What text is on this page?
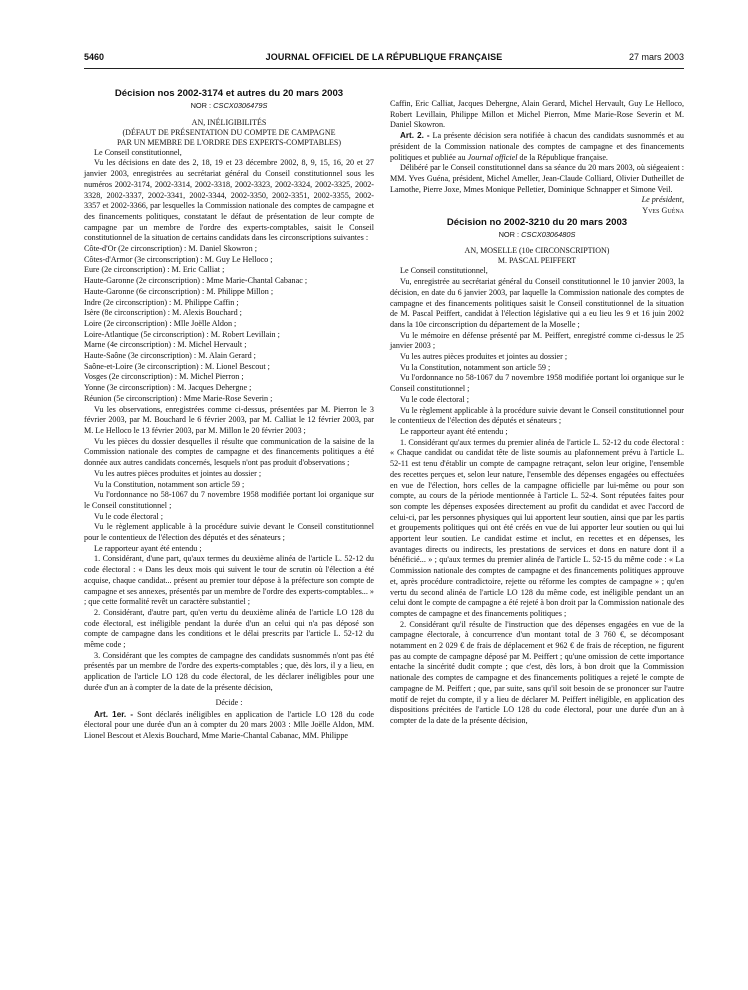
5460	JOURNAL OFFICIEL DE LA RÉPUBLIQUE FRANÇAISE	27 mars 2003
Décision nos 2002-3174 et autres du 20 mars 2003
NOR : CSCX0306479S
AN, INÉLIGIBILITÉS
(DÉFAUT DE PRÉSENTATION DU COMPTE DE CAMPAGNE
PAR UN MEMBRE DE L'ORDRE DES EXPERTS-COMPTABLES)

Le Conseil constitutionnel,

Vu les décisions en date des 2, 18, 19 et 23 décembre 2002, 8, 9, 15, 16, 20 et 27 janvier 2003, enregistrées au secrétariat général du Conseil constitutionnel sous les numéros 2002-3174, 2002-3314, 2002-3318, 2002-3323, 2002-3324, 2002-3325, 2002-3328, 2002-3337, 2002-3341, 2002-3344, 2002-3350, 2002-3351, 2002-3355, 2002-3357 et 2002-3366, par lesquelles la Commission nationale des comptes de campagne et des financements politiques, constatant le défaut de présentation de leur compte de campagne par un membre de l'ordre des experts-comptables, saisit le Conseil constitutionnel de la situation de certains candidats dans les circonscriptions suivantes :

Côte-d'Or (2e circonscription) : M. Daniel Skowron ;

Côtes-d'Armor (3e circonscription) : M. Guy Le Helloco ;

Eure (2e circonscription) : M. Eric Calliat ;

Haute-Garonne (2e circonscription) : Mme Marie-Chantal Cabanac ;

Haute-Garonne (6e circonscription) : M. Philippe Millon ;

Indre (2e circonscription) : M. Philippe Caffin ;

Isère (8e circonscription) : M. Alexis Bouchard ;

Loire (2e circonscription) : Mlle Joëlle Aldon ;

Loire-Atlantique (5e circonscription) : M. Robert Levillain ;

Marne (4e circonscription) : M. Michel Hervault ;

Haute-Saône (3e circonscription) : M. Alain Gerard ;

Saône-et-Loire (3e circonscription) : M. Lionel Bescout ;

Vosges (2e circonscription) : M. Michel Pierron ;

Yonne (3e circonscription) : M. Jacques Dehergne ;

Réunion (5e circonscription) : Mme Marie-Rose Severin ;

Vu les observations, enregistrées comme ci-dessus, présentées par M. Pierron le 3 février 2003, par M. Bouchard le 6 février 2003, par M. Calliat le 12 février 2003, par M. Le Helloco le 13 février 2003, par M. Millon le 20 février 2003 ;

Vu les pièces du dossier desquelles il résulte que communication de la saisine de la Commission nationale des comptes de campagne et des financements politiques a été donnée aux autres candidats concernés, lesquels n'ont pas produit d'observations ;

Vu les autres pièces produites et jointes au dossier ;

Vu la Constitution, notamment son article 59 ;

Vu l'ordonnance no 58-1067 du 7 novembre 1958 modifiée portant loi organique sur le Conseil constitutionnel ;

Vu le code électoral ;

Vu le règlement applicable à la procédure suivie devant le Conseil constitutionnel pour le contentieux de l'élection des députés et des sénateurs ;

Le rapporteur ayant été entendu ;

1. Considérant, d'une part, qu'aux termes du deuxième alinéa de l'article L. 52-12 du code électoral : « Dans les deux mois qui suivent le tour de scrutin où l'élection a été acquise, chaque candidat... présent au premier tour dépose à la préfecture son compte de campagne et ses annexes, présentés par un membre de l'ordre des experts-comptables... » ; que cette formalité revêt un caractère substantiel ;

2. Considérant, d'autre part, qu'en vertu du deuxième alinéa de l'article LO 128 du code électoral, est inéligible pendant la durée d'un an celui qui n'a pas déposé son compte de campagne dans les conditions et le délai prescrits par l'article L. 52-12 du même code ;

3. Considérant que les comptes de campagne des candidats susnommés n'ont pas été présentés par un membre de l'ordre des experts-comptables ; que, dès lors, il y a lieu, en application de l'article LO 128 du code électoral, de les déclarer inéligibles pour une durée d'un an à compter de la date de la présente décision,

Décide :

Art. 1er. - Sont déclarés inéligibles en application de l'article LO 128 du code électoral pour une durée d'un an à compter du 20 mars 2003 : Mlle Joëlle Aldon, MM. Lionel Bescout et Alexis Bouchard, Mme Marie-Chantal Cabanac, MM. Philippe

Caffin, Eric Calliat, Jacques Dehergne, Alain Gerard, Michel Hervault, Guy Le Helloco, Robert Levillain, Philippe Millon et Michel Pierron, Mme Marie-Rose Severin et M. Daniel Skowron.

Art. 2. - La présente décision sera notifiée à chacun des candidats susnommés et au président de la Commission nationale des comptes de campagne et des financements politiques et publiée au Journal officiel de la République française.

Délibéré par le Conseil constitutionnel dans sa séance du 20 mars 2003, où siégeaient : MM. Yves Guéna, président, Michel Ameller, Jean-Claude Colliard, Olivier Dutheillet de Lamothe, Pierre Joxe, Mmes Monique Pelletier, Dominique Schnapper et Simone Veil.

Le président,

Yves Guéna

Décision no 2002-3210 du 20 mars 2003
NOR : CSCX0306480S
AN, MOSELLE (10e CIRCONSCRIPTION)
M. PASCAL PEIFFERT

Le Conseil constitutionnel,

Vu, enregistrée au secrétariat général du Conseil constitutionnel le 10 janvier 2003, la décision, en date du 6 janvier 2003, par laquelle la Commission nationale des comptes de campagne et des financements politiques saisit le Conseil constitutionnel de la situation de M. Pascal Peiffert, candidat à l'élection législative qui a eu lieu les 9 et 16 juin 2002 dans la 10e circonscription du département de la Moselle ;

Vu le mémoire en défense présenté par M. Peiffert, enregistré comme ci-dessus le 25 janvier 2003 ;

Vu les autres pièces produites et jointes au dossier ;

Vu la Constitution, notamment son article 59 ;

Vu l'ordonnance no 58-1067 du 7 novembre 1958 modifiée portant loi organique sur le Conseil constitutionnel ;

Vu le code électoral ;

Vu le règlement applicable à la procédure suivie devant le Conseil constitutionnel pour le contentieux de l'élection des députés et sénateurs ;

Le rapporteur ayant été entendu ;

1. Considérant qu'aux termes du premier alinéa de l'article L. 52-12 du code électoral : « Chaque candidat ou candidat tête de liste soumis au plafonnement prévu à l'article L. 52-11 est tenu d'établir un compte de campagne retraçant, selon leur origine, l'ensemble des recettes perçues et, selon leur nature, l'ensemble des dépenses engagées ou effectuées en vue de l'élection, hors celles de la campagne officielle par lui-même ou pour son compte, au cours de la période mentionnée à l'article L. 52-4. Sont réputées faites pour son compte les dépenses exposées directement au profit du candidat et avec l'accord de celui-ci, par les personnes physiques qui lui apportent leur soutien, ainsi que par les partis et groupements politiques qui ont été créés en vue de lui apporter leur soutien ou qui lui apportent leur soutien. Le candidat estime et inclut, en recettes et en dépenses, les avantages directs ou indirects, les prestations de services et dons en nature dont il a bénéficié... » ; qu'aux termes du premier alinéa de l'article L. 52-15 du même code : « La Commission nationale des comptes de campagne et des financements politiques approuve et, après procédure contradictoire, rejette ou réforme les comptes de campagne » ; qu'en vertu du second alinéa de l'article LO 128 du même code, est inéligible pendant un an celui dont le compte de campagne a été rejeté à bon droit par la Commission nationale des comptes de campagne et des financements politiques ;

2. Considérant qu'il résulte de l'instruction que des dépenses engagées en vue de la campagne électorale, à concurrence d'un montant total de 3 760 €, se décomposant notamment en 2 029 € de frais de déplacement et 962 € de frais de réception, ne figurent pas au compte de campagne déposé par M. Peiffert ; qu'une omission de cette importance entache la sincérité dudit compte ; que c'est, dès lors, à bon droit que la Commission nationale des comptes de campagne et des financements politiques a rejeté le compte de campagne de M. Peiffert ; que, par suite, sans qu'il soit besoin de se prononcer sur l'autre motif de rejet du compte, il y a lieu de déclarer M. Peiffert inéligible, en application des dispositions précitées de l'article LO 128 du code électoral, pour une durée d'un an à compter de la date de la présente décision,
